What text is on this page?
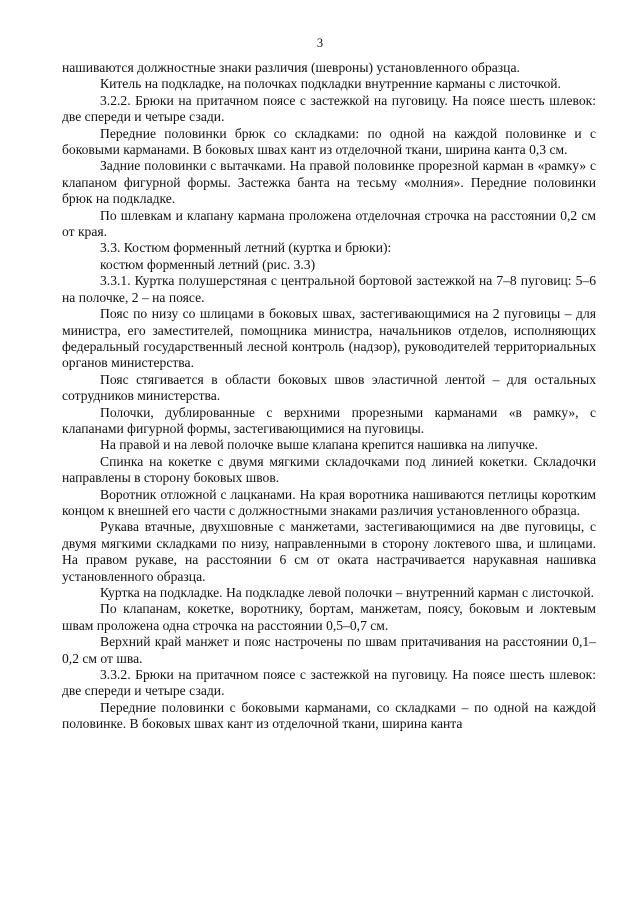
3

нашиваются должностные знаки различия (шевроны) установленного образца.

Китель на подкладке, на полочках подкладки внутренние карманы с листочкой.

3.2.2. Брюки на притачном поясе с застежкой на пуговицу. На поясе шесть шлевок: две спереди и четыре сзади.

Передние половинки брюк со складками: по одной на каждой половинке и с боковыми карманами. В боковых швах кант из отделочной ткани, ширина канта 0,3 см.

Задние половинки с вытачками. На правой половинке прорезной карман в «рамку» с клапаном фигурной формы. Застежка банта на тесьму «молния». Передние половинки брюк на подкладке.

По шлевкам и клапану кармана проложена отделочная строчка на расстоянии 0,2 см от края.

3.3. Костюм форменный летний (куртка и брюки):

костюм форменный летний (рис. 3.3)

3.3.1. Куртка полушерстяная с центральной бортовой застежкой на 7–8 пуговиц: 5–6 на полочке, 2 – на поясе.

Пояс по низу со шлицами в боковых швах, застегивающимися на 2 пуговицы – для министра, его заместителей, помощника министра, начальников отделов, исполняющих федеральный государственный лесной контроль (надзор), руководителей территориальных органов министерства.

Пояс стягивается в области боковых швов эластичной лентой – для остальных сотрудников министерства.

Полочки, дублированные с верхними прорезными карманами «в рамку», с клапанами фигурной формы, застегивающимися на пуговицы.

На правой и на левой полочке выше клапана крепится нашивка на липучке.

Спинка на кокетке с двумя мягкими складочками под линией кокетки. Складочки направлены в сторону боковых швов.

Воротник отложной с лацканами. На края воротника нашиваются петлицы коротким концом к внешней его части с должностными знаками различия установленного образца.

Рукава втачные, двухшовные с манжетами, застегивающимися на две пуговицы, с двумя мягкими складками по низу, направленными в сторону локтевого шва, и шлицами. На правом рукаве, на расстоянии 6 см от оката настрачивается нарукавная нашивка установленного образца.

Куртка на подкладке. На подкладке левой полочки – внутренний карман с листочкой.

По клапанам, кокетке, воротнику, бортам, манжетам, поясу, боковым и локтевым швам проложена одна строчка на расстоянии 0,5–0,7 см.

Верхний край манжет и пояс настрочены по швам притачивания на расстоянии 0,1–0,2 см от шва.

3.3.2. Брюки на притачном поясе с застежкой на пуговицу. На поясе шесть шлевок: две спереди и четыре сзади.

Передние половинки с боковыми карманами, со складками – по одной на каждой половинке. В боковых швах кант из отделочной ткани, ширина канта
